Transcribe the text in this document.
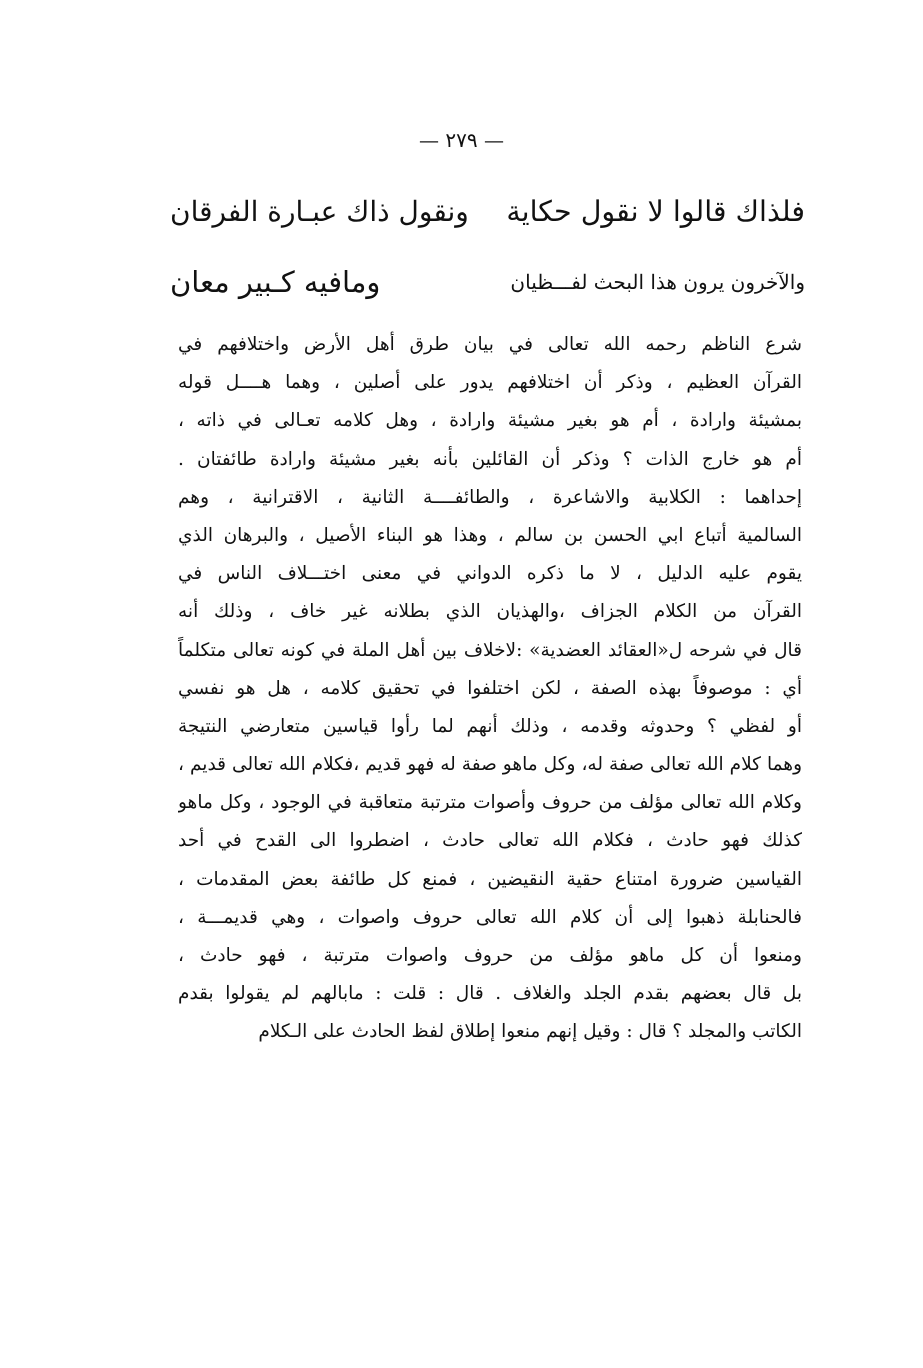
— ٢٧٩ —
فلذاك قالوا لا نقول حكاية
ونقول ذاك عبـارة الفرقان
والآخرون يرون هذا البحث لفـــظيان
ومافيه كـبير معان
شرع الناظم رحمه الله تعالى في بيان طرق أهل الأرض واختلافهم في
القرآن العظيم ، وذكر أن اختلافهم يدور على أصلين ، وهما هــــل قوله
بمشيئة وارادة ، أم هو بغير مشيئة وارادة ، وهل كلامه تعـالى في ذاته ،
أم هو خارج الذات ؟ وذكر أن القائلين بأنه بغير مشيئة وارادة طائفتان .
إحداهما : الكلابية والاشاعرة ، والطائفــــة الثانية ، الاقترانية ، وهم
السالمية أتباع ابي الحسن بن سالم ، وهذا هو البناء الأصيل ، والبرهان الذي
يقوم عليه الدليل ، لا ما ذكره الدواني في معنى اختـــلاف الناس في
القرآن من الكلام الجزاف ،والهذيان الذي بطلانه غير خاف ، وذلك أنه
قال في شرحه ل«العقائد العضدية» :لاخلاف بين أهل الملة في كونه تعالى متكلماً
أي : موصوفاً بهذه الصفة ، لكن اختلفوا في تحقيق كلامه ، هل هو نفسي
أو لفظي ؟ وحدوثه وقدمه ، وذلك أنهم لما رأوا قياسين متعارضي النتيجة
وهما كلام الله تعالى صفة له، وكل ماهو صفة له فهو قديم ،فكلام الله تعالى قديم ،
وكلام الله تعالى مؤلف من حروف وأصوات مترتبة متعاقبة في الوجود ، وكل ماهو
كذلك فهو حادث ، فكلام الله تعالى حادث ، اضطروا الى القدح في أحد
القياسين ضرورة امتناع حقية النقيضين ، فمنع كل طائفة بعض المقدمات ،
فالحنابلة ذهبوا إلى أن كلام الله تعالى حروف واصوات ، وهي قديمـــة ،
ومنعوا أن كل ماهو مؤلف من حروف واصوات مترتبة ، فهو حادث ،
بل قال بعضهم بقدم الجلد والغلاف . قال : قلت : مابالهم لم يقولوا بقدم
الكاتب والمجلد ؟ قال : وقيل إنهم منعوا إطلاق لفظ الحادث على الـكلام
